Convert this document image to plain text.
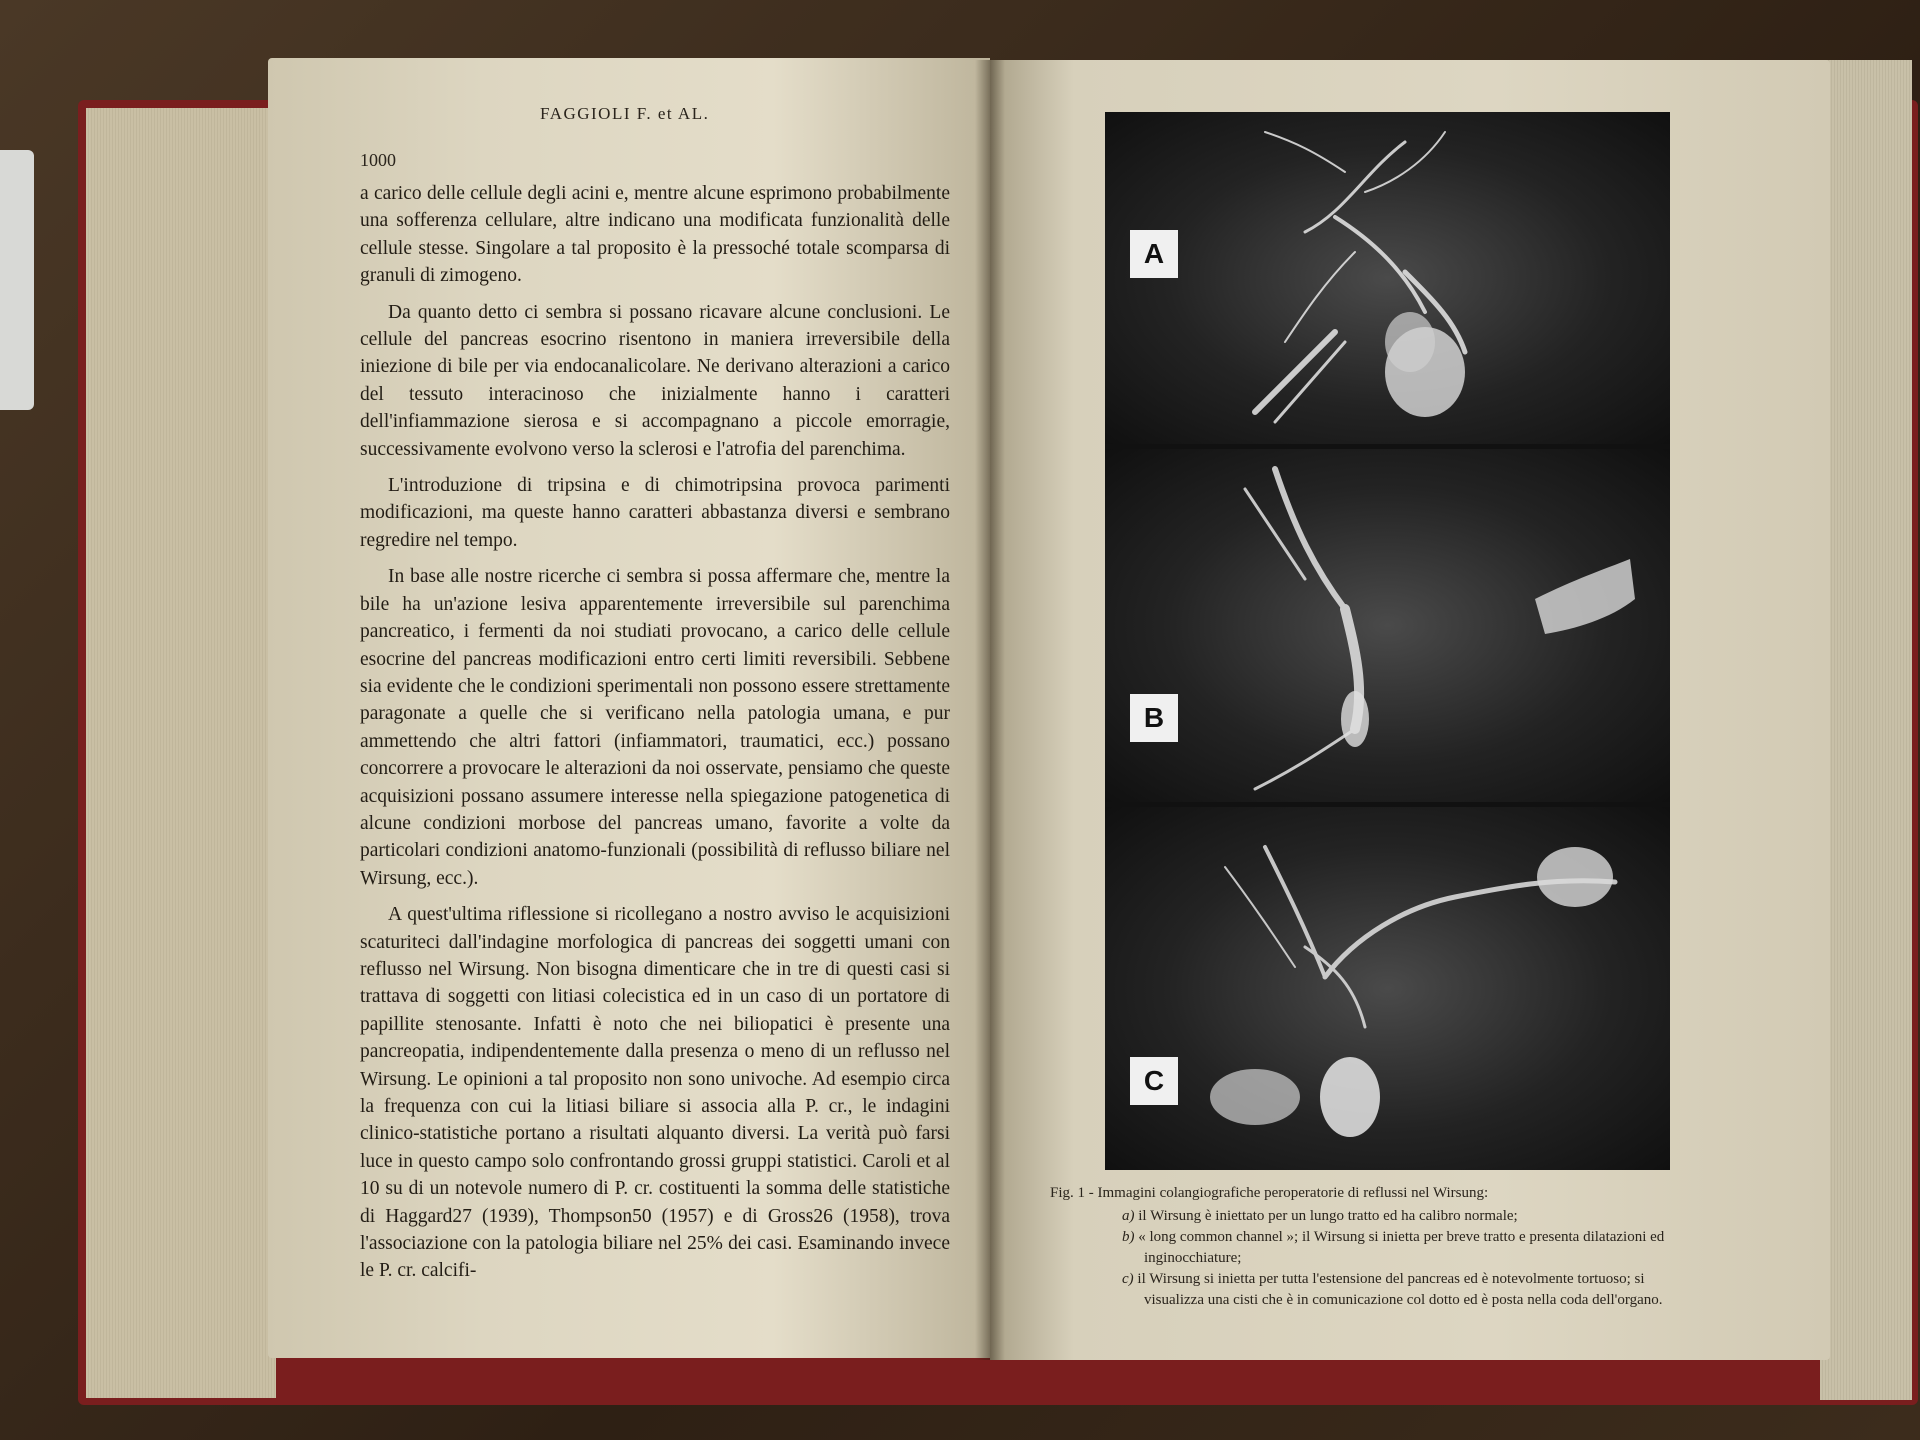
FAGGIOLI F. et AL.
1000

a carico delle cellule degli acini e, mentre alcune esprimono probabilmente una sofferenza cellulare, altre indicano una modificata funzionalità delle cellule stesse. Singolare a tal proposito è la pressoché totale scomparsa di granuli di zimogeno.

Da quanto detto ci sembra si possano ricavare alcune conclusioni. Le cellule del pancreas esocrino risentono in maniera irreversibile della iniezione di bile per via endocanalicolare. Ne derivano alterazioni a carico del tessuto interacinoso che inizialmente hanno i caratteri dell'infiammazione sierosa e si accompagnano a piccole emorragie, successivamente evolvono verso la sclerosi e l'atrofia del parenchima.

L'introduzione di tripsina e di chimotripsina provoca parimenti modificazioni, ma queste hanno caratteri abbastanza diversi e sembrano regredire nel tempo.

In base alle nostre ricerche ci sembra si possa affermare che, mentre la bile ha un'azione lesiva apparentemente irreversibile sul parenchima pancreatico, i fermenti da noi studiati provocano, a carico delle cellule esocrine del pancreas modificazioni entro certi limiti reversibili. Sebbene sia evidente che le condizioni sperimentali non possono essere strettamente paragonate a quelle che si verificano nella patologia umana, e pur ammettendo che altri fattori (infiammatori, traumatici, ecc.) possano concorrere a provocare le alterazioni da noi osservate, pensiamo che queste acquisizioni possano assumere interesse nella spiegazione patogenetica di alcune condizioni morbose del pancreas umano, favorite a volte da particolari condizioni anatomo-funzionali (possibilità di reflusso biliare nel Wirsung, ecc.).

A quest'ultima riflessione si ricollegano a nostro avviso le acquisizioni scaturiteci dall'indagine morfologica di pancreas dei soggetti umani con reflusso nel Wirsung. Non bisogna dimenticare che in tre di questi casi si trattava di soggetti con litiasi colecistica ed in un caso di un portatore di papillite stenosante. Infatti è noto che nei biliopatici è presente una pancreopatia, indipendentemente dalla presenza o meno di un reflusso nel Wirsung. Le opinioni a tal proposito non sono univoche. Ad esempio circa la frequenza con cui la litiasi biliare si associa alla P. cr., le indagini clinico-statistiche portano a risultati alquanto diversi. La verità può farsi luce in questo campo solo confrontando grossi gruppi statistici. Caroli et al 10 su di un notevole numero di P. cr. costituenti la somma delle statistiche di Haggard27 (1939), Thompson50 (1957) e di Gross26 (1958), trova l'associazione con la patologia biliare nel 25% dei casi. Esaminando invece le P. cr. calcifi-

A
B
C

Fig. 1 - Immagini colangiografiche peroperatorie di reflussi nel Wirsung:

a) il Wirsung è iniettato per un lungo tratto ed ha calibro normale;

b) « long common channel »; il Wirsung si inietta per breve tratto e presenta dilatazioni ed inginocchiature;

c) il Wirsung si inietta per tutta l'estensione del pancreas ed è notevolmente tortuoso; si visualizza una cisti che è in comunicazione col dotto ed è posta nella coda dell'organo.
